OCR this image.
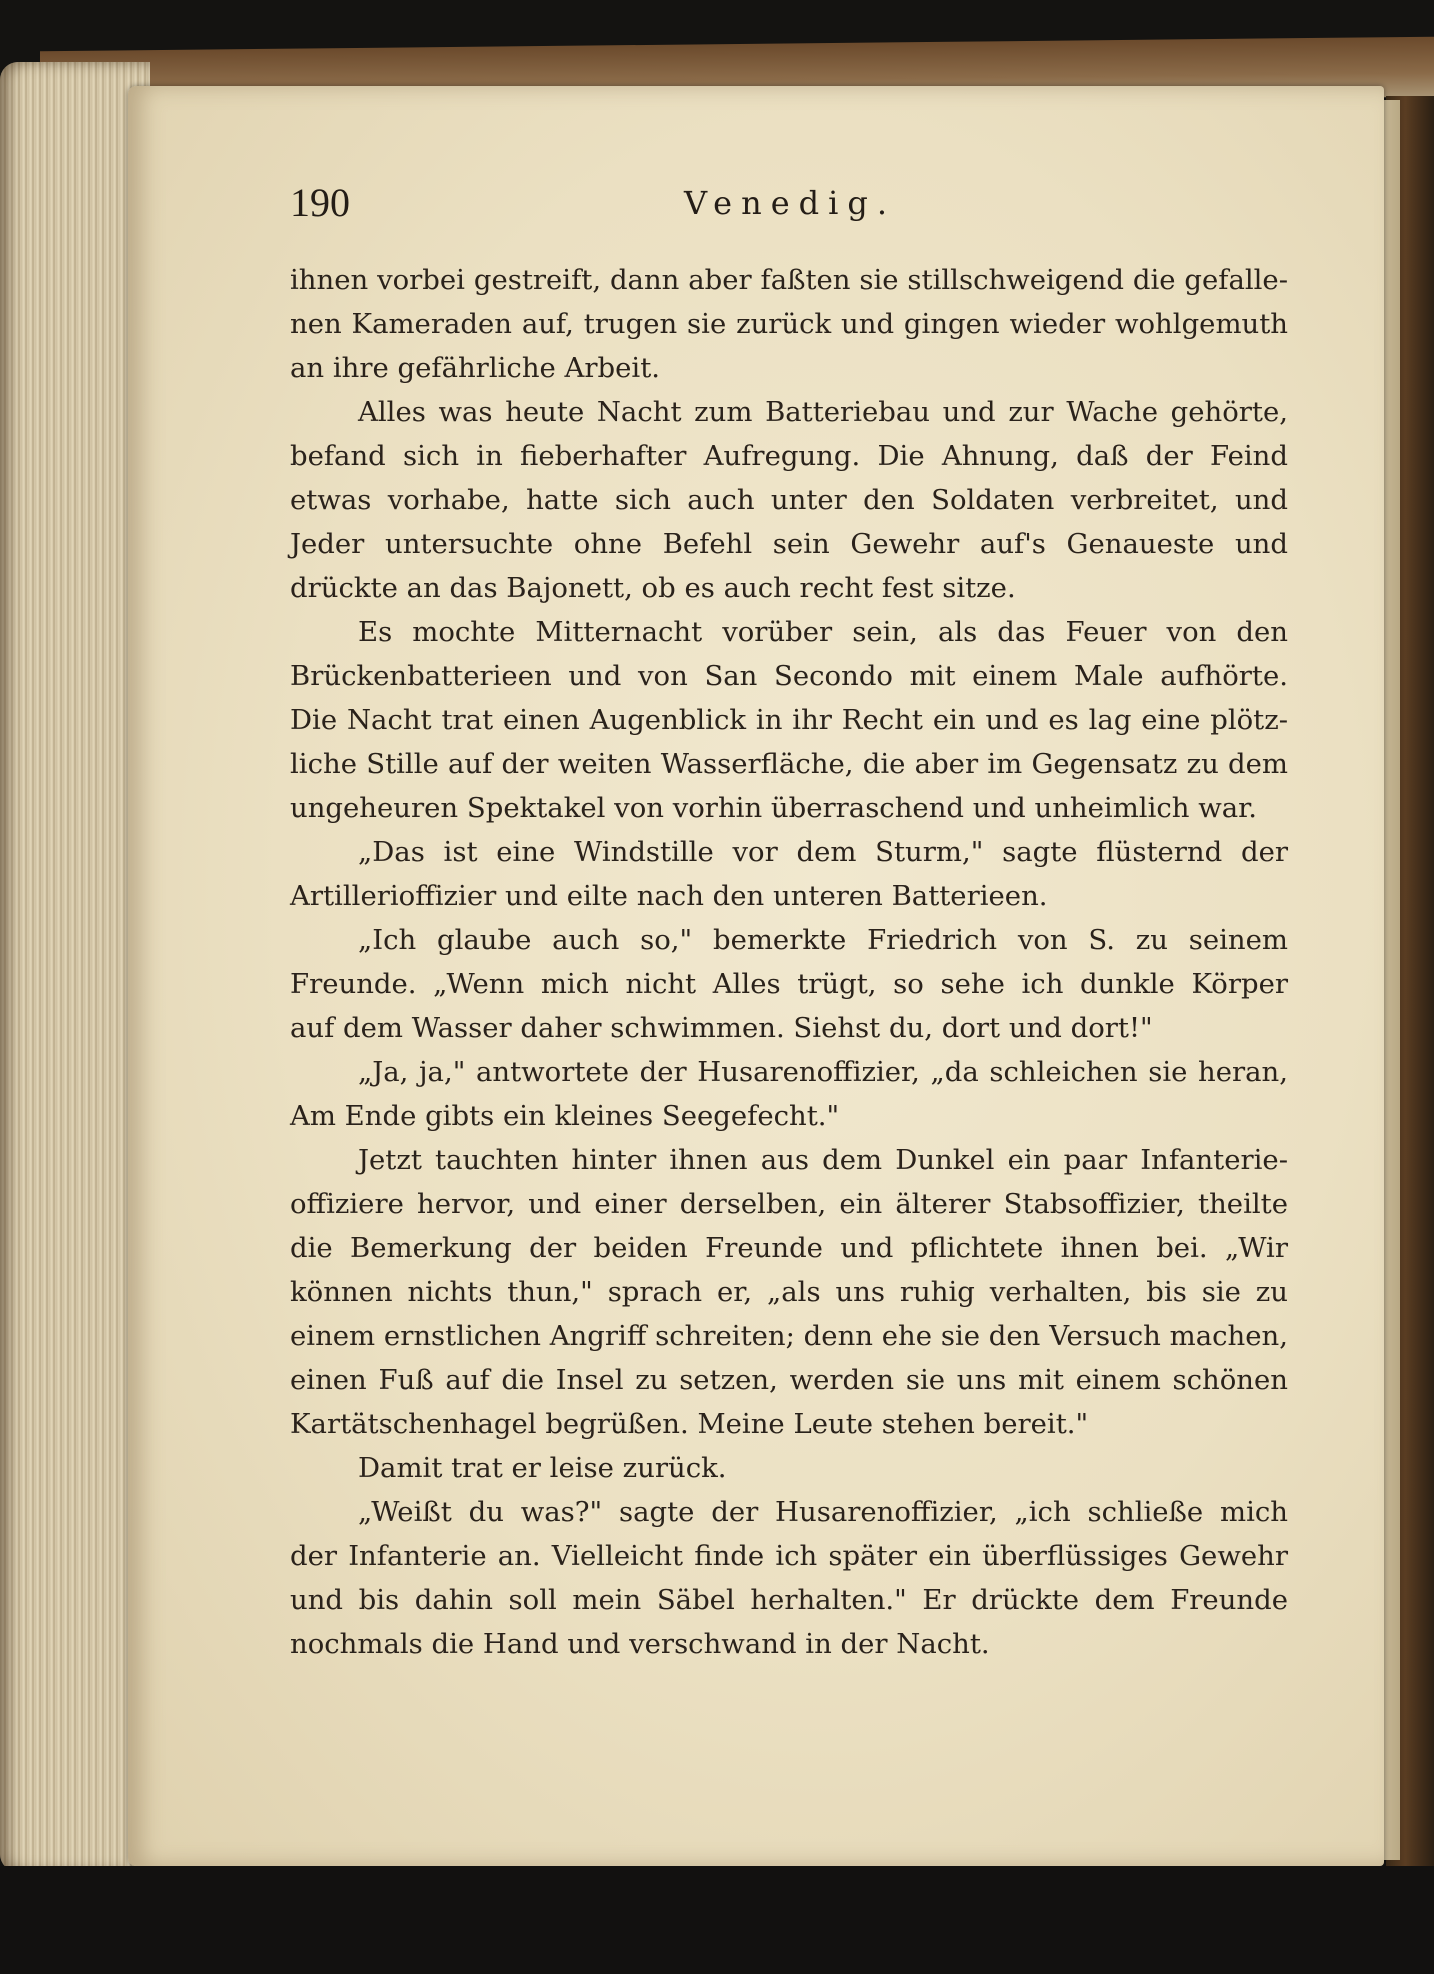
190	Venedig.
ihnen vorbei gestreift, dann aber faßten sie stillschweigend die gefalle-
nen Kameraden auf, trugen sie zurück und gingen wieder wohlgemuth
an ihre gefährliche Arbeit.
Alles was heute Nacht zum Batteriebau und zur Wache gehörte,
befand sich in fieberhafter Aufregung. Die Ahnung, daß der Feind
etwas vorhabe, hatte sich auch unter den Soldaten verbreitet, und
Jeder untersuchte ohne Befehl sein Gewehr auf's Genaueste und
drückte an das Bajonett, ob es auch recht fest sitze.
Es mochte Mitternacht vorüber sein, als das Feuer von den
Brückenbatterieen und von San Secondo mit einem Male aufhörte.
Die Nacht trat einen Augenblick in ihr Recht ein und es lag eine plötz-
liche Stille auf der weiten Wasserfläche, die aber im Gegensatz zu dem
ungeheuren Spektakel von vorhin überraschend und unheimlich war.
„Das ist eine Windstille vor dem Sturm," sagte flüsternd der
Artillerioffizier und eilte nach den unteren Batterieen.
„Ich glaube auch so," bemerkte Friedrich von S. zu seinem
Freunde. „Wenn mich nicht Alles trügt, so sehe ich dunkle Körper
auf dem Wasser daher schwimmen. Siehst du, dort und dort!"
„Ja, ja," antwortete der Husarenoffizier, „da schleichen sie heran,
Am Ende gibts ein kleines Seegefecht."
Jetzt tauchten hinter ihnen aus dem Dunkel ein paar Infanterie-
offiziere hervor, und einer derselben, ein älterer Stabsoffizier, theilte
die Bemerkung der beiden Freunde und pflichtete ihnen bei. „Wir
können nichts thun," sprach er, „als uns ruhig verhalten, bis sie zu
einem ernstlichen Angriff schreiten; denn ehe sie den Versuch machen,
einen Fuß auf die Insel zu setzen, werden sie uns mit einem schönen
Kartätschenhagel begrüßen. Meine Leute stehen bereit."
Damit trat er leise zurück.
„Weißt du was?" sagte der Husarenoffizier, „ich schließe mich
der Infanterie an. Vielleicht finde ich später ein überflüssiges Gewehr
und bis dahin soll mein Säbel herhalten." Er drückte dem Freunde
nochmals die Hand und verschwand in der Nacht.
